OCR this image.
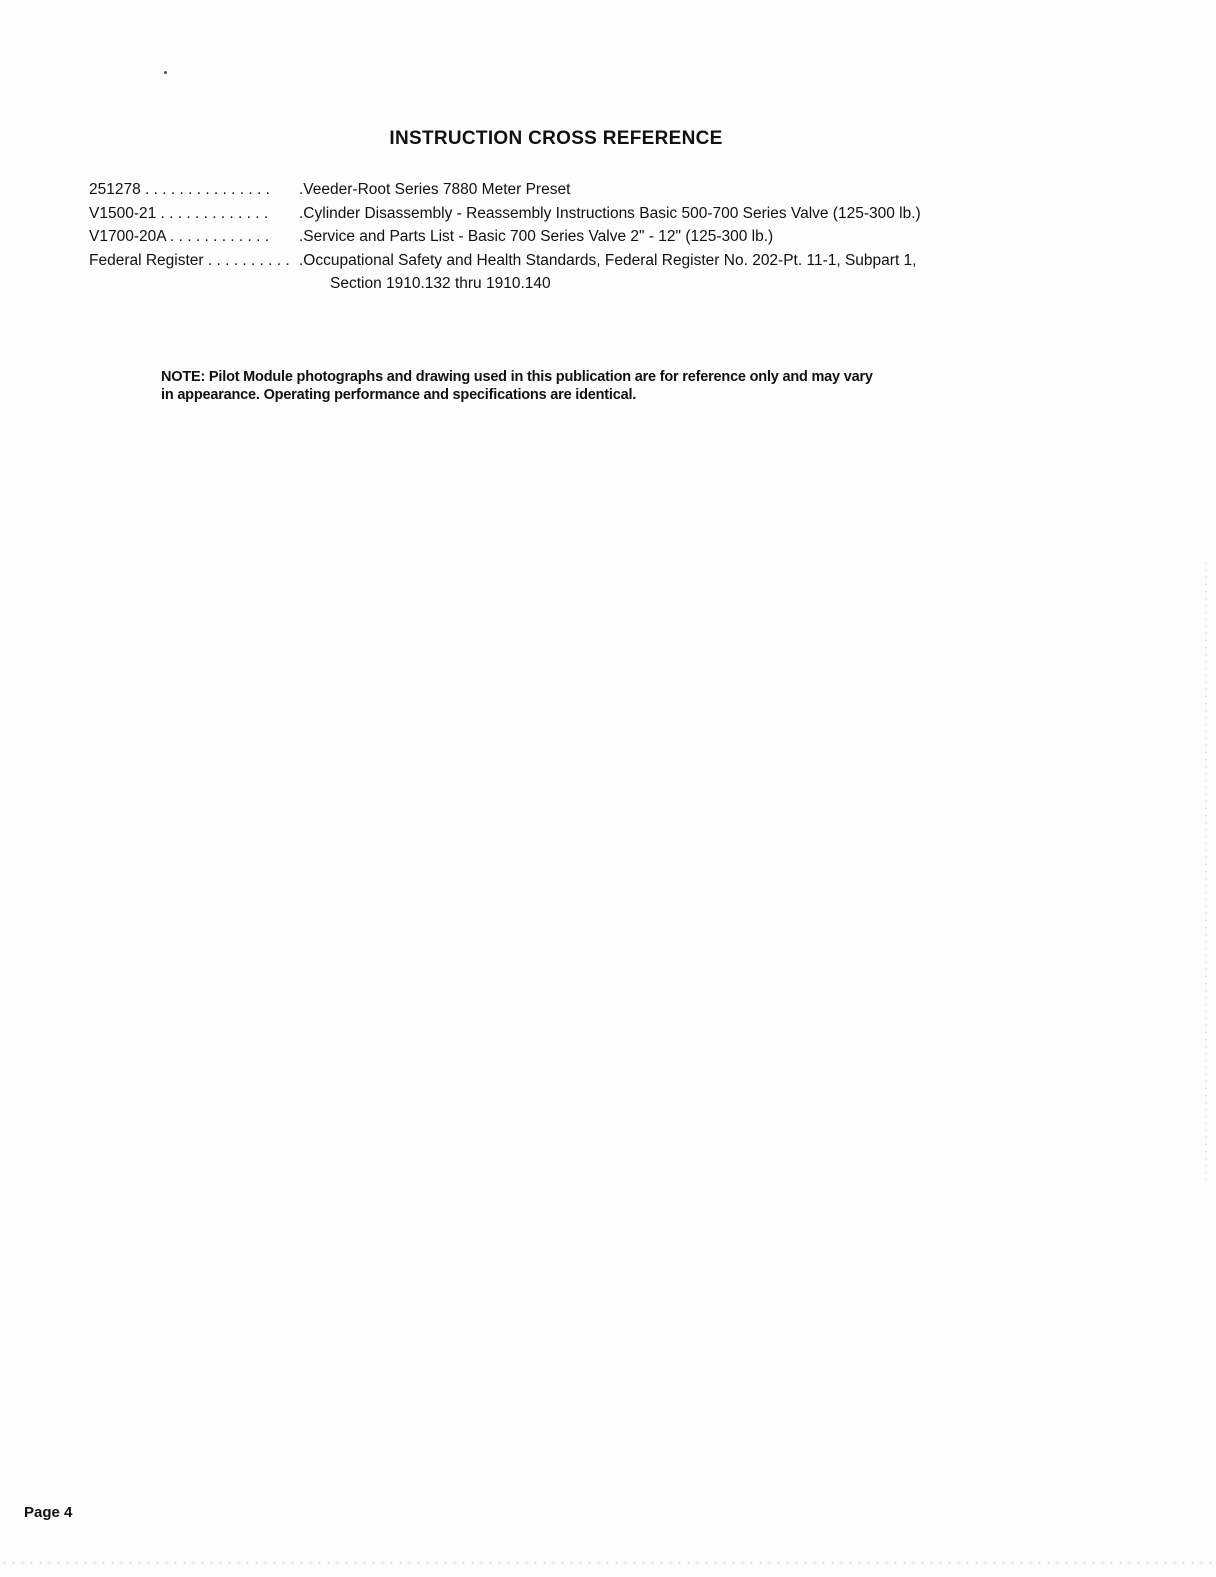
INSTRUCTION CROSS REFERENCE
251278 . . . . . . . . . . . . . . .	.Veeder-Root Series 7880 Meter Preset
V1500-21 . . . . . . . . . . . . .	.Cylinder Disassembly - Reassembly Instructions Basic 500-700 Series Valve (125-300 lb.)
V1700-20A . . . . . . . . . . . .	.Service and Parts List - Basic 700 Series Valve 2" - 12" (125-300 lb.)
Federal Register . . . . . . . . . . .Occupational Safety and Health Standards, Federal Register No. 202-Pt. 11-1, Subpart 1,
Section 1910.132 thru 1910.140
NOTE: Pilot Module photographs and drawing used in this publication are for reference only and may vary
in appearance. Operating performance and specifications are identical.
Page 4
